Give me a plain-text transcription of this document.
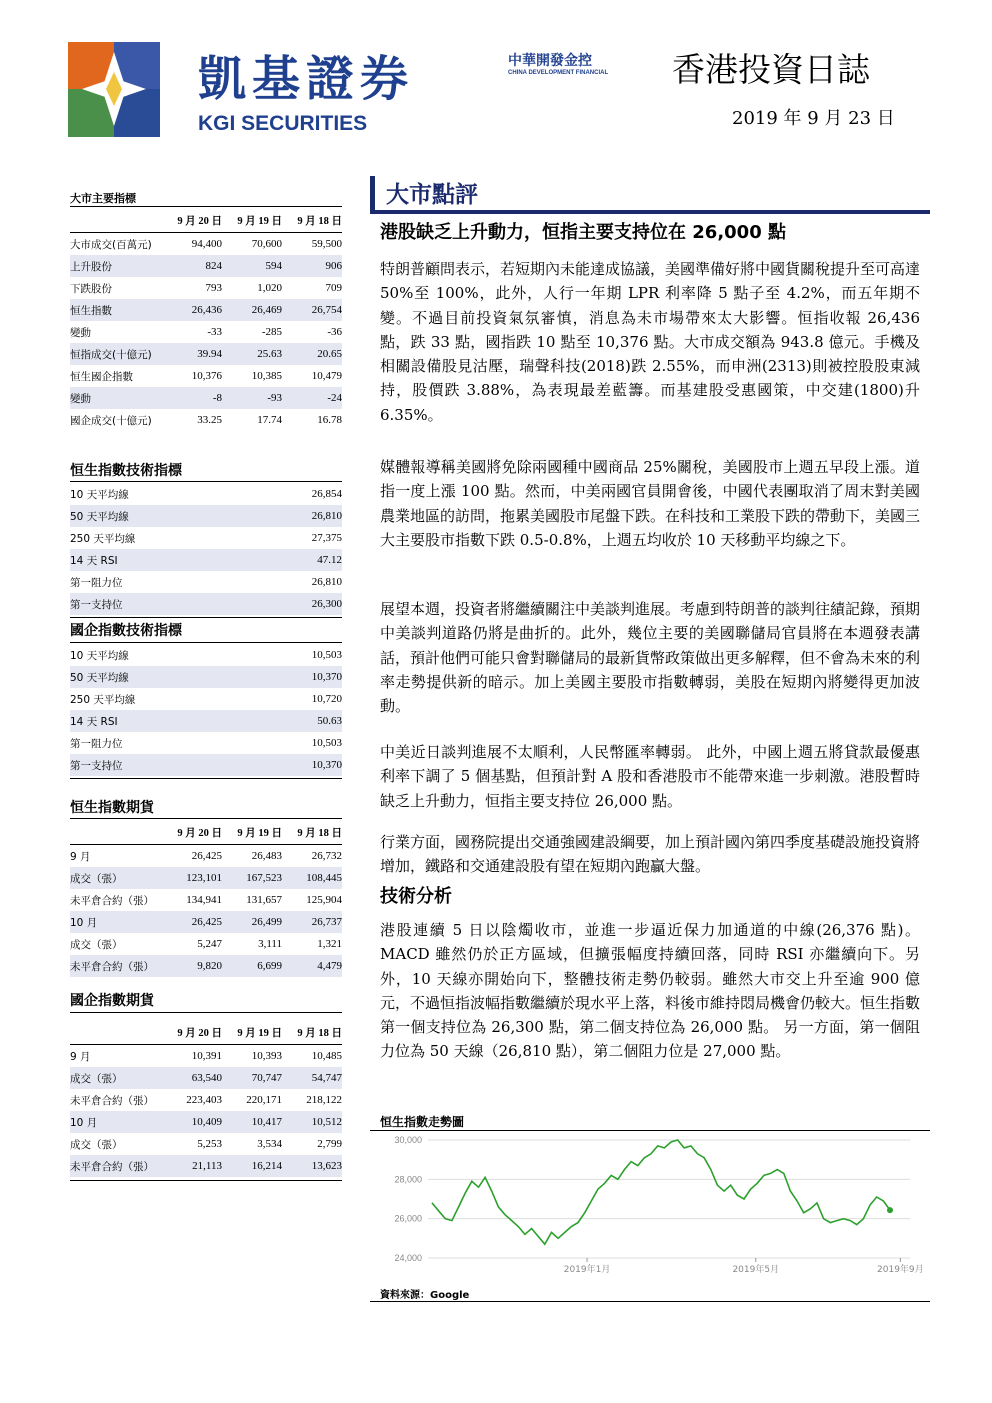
凱基證券
KGI SECURITIES
中華開發金控
CHINA DEVELOPMENT FINANCIAL 香港投資日誌
2019 年 9 月 23 日
大市主要指標
	9 月 20 日	9 月 19 日	9 月 18 日
大市成交(百萬元)	94,400	70,600	59,500
上升股份	824	594	906
下跌股份	793	1,020	709
恒生指數	26,436	26,469	26,754
變動	-33	-285	-36
恒指成交(十億元)	39.94	25.63	20.65
恒生國企指數	10,376	10,385	10,479
變動	-8	-93	-24
國企成交(十億元)	33.25	17.74	16.78
恒生指數技術指標
10 天平均線	26,854
50 天平均線	26,810
250 天平均線	27,375
14 天 RSI	47.12
第一阻力位	26,810
第一支持位	26,300
國企指數技術指標
10 天平均線	10,503
50 天平均線	10,370
250 天平均線	10,720
14 天 RSI	50.63
第一阻力位	10,503
第一支持位	10,370
恒生指數期貨
	9 月 20 日	9 月 19 日	9 月 18 日
9 月	26,425	26,483	26,732
成交（張）	123,101	167,523	108,445
未平倉合約（張）	134,941	131,657	125,904
10 月	26,425	26,499	26,737
成交（張）	5,247	3,111	1,321
未平倉合約（張）	9,820	6,699	4,479
國企指數期貨
	9 月 20 日	9 月 19 日	9 月 18 日
9 月	10,391	10,393	10,485
成交（張）	63,540	70,747	54,747
未平倉合約（張）	223,403	220,171	218,122
10 月	10,409	10,417	10,512
成交（張）	5,253	3,534	2,799
未平倉合約（張）	21,113	16,214	13,623
大市點評
港股缺乏上升動力，恒指主要支持位在 26,000 點
特朗普顧問表示，若短期內未能達成協議，美國準備好將中國貨關稅提升至可高達 50%至 100%，此外，人行一年期 LPR 利率降 5 點子至 4.2%，而五年期不變。不過目前投資氣氛審慎，消息為未市場帶來太大影響。恒指收報 26,436 點，跌 33 點，國指跌 10 點至 10,376 點。大市成交額為 943.8 億元。手機及相關設備股見沽壓，瑞聲科技(2018)跌 2.55%，而申洲(2313)則被控股股東減持，股價跌 3.88%，為表現最差藍籌。而基建股受惠國策，中交建(1800)升 6.35%。
媒體報導稱美國將免除兩國種中國商品 25%關稅，美國股市上週五早段上漲。道指一度上漲 100 點。然而，中美兩國官員開會後，中國代表團取消了周末對美國農業地區的訪問，拖累美國股市尾盤下跌。在科技和工業股下跌的帶動下，美國三大主要股市指數下跌 0.5-0.8%，上週五均收於 10 天移動平均線之下。
展望本週，投資者將繼續關注中美談判進展。考慮到特朗普的談判往績記錄，預期中美談判道路仍將是曲折的。此外，幾位主要的美國聯儲局官員將在本週發表講話，預計他們可能只會對聯儲局的最新貨幣政策做出更多解釋，但不會為未來的利率走勢提供新的暗示。加上美國主要股市指數轉弱，美股在短期內將變得更加波動。
中美近日談判進展不太順利，人民幣匯率轉弱。 此外，中國上週五將貸款最優惠利率下調了 5 個基點，但預計對 A 股和香港股市不能帶來進一步刺激。港股暫時缺乏上升動力，恒指主要支持位 26,000 點。
行業方面，國務院提出交通強國建設綱要，加上預計國內第四季度基礎設施投資將增加，鐵路和交通建設股有望在短期內跑贏大盤。
技術分析
港股連續 5 日以陰燭收市，並進一步逼近保力加通道的中線(26,376 點)。MACD 雖然仍於正方區域，但擴張幅度持續回落，同時 RSI 亦繼續向下。另外，10 天線亦開始向下，整體技術走勢仍較弱。雖然大市交上升至逾 900 億元，不過恒指波幅指數繼續於現水平上落，料後市維持悶局機會仍較大。恒生指數第一個支持位為 26,300 點，第二個支持位為 26,000 點。 另一方面，第一個阻力位為 50 天線（26,810 點），第二個阻力位是 27,000 點。
恒生指數走勢圖
30,000
28,000
26,000
24,000
2019年1月	2019年5月	2019年9月
資料來源：Google
